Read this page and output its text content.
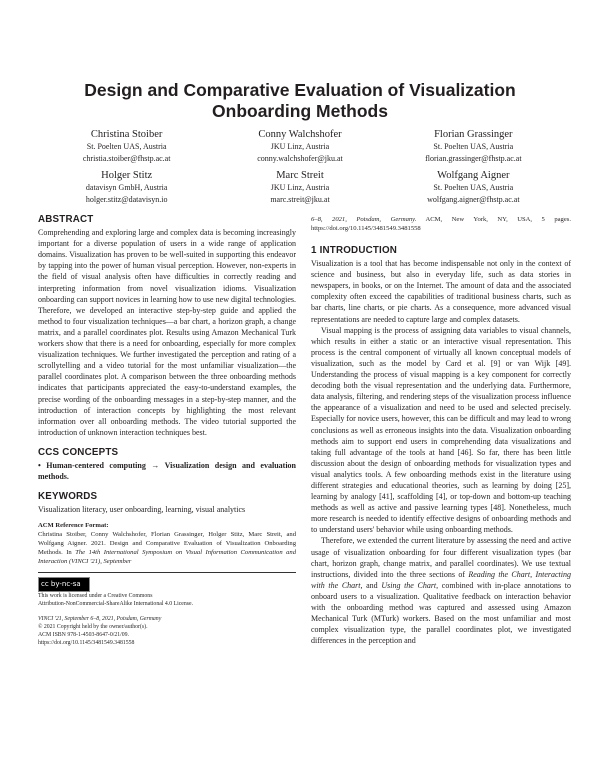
Design and Comparative Evaluation of Visualization
Onboarding Methods
Christina Stoiber
St. Poelten UAS, Austria
christia.stoiber@fhstp.ac.at
Conny Walchshofer
JKU Linz, Austria
conny.walchshofer@jku.at
Florian Grassinger
St. Poelten UAS, Austria
florian.grassinger@fhstp.ac.at
Holger Stitz
datavisyn GmbH, Austria
holger.stitz@datavisyn.io
Marc Streit
JKU Linz, Austria
marc.streit@jku.at
Wolfgang Aigner
St. Poelten UAS, Austria
wolfgang.aigner@fhstp.ac.at
ABSTRACT

Comprehending and exploring large and complex data is becoming increasingly important for a diverse population of users in a wide range of application domains. Visualization has proven to be well-suited in supporting this endeavor by tapping into the power of human visual perception. However, non-experts in the field of visual analysis often have difficulties in correctly reading and interpreting information from novel visualization idioms. Visualization onboarding can support novices in learning how to use new digital technologies. Therefore, we developed an interactive step-by-step guide and applied the method to four visualization techniques—a bar chart, a horizon graph, a change matrix, and a parallel coordinates plot. Results using Amazon Mechanical Turk workers show that there is a need for onboarding, especially for more complex visualization techniques. We further investigated the perception and rating of a scrollytelling and a video tutorial for the most unfamiliar visualization—the parallel coordinates plot. A comparison between the three onboarding methods indicates that participants appreciated the easy-to-understand examples, the precise wording of the onboarding messages in a step-by-step manner, and the introduction of interaction concepts by highlighting the most relevant information over all onboarding methods. The video tutorial supported the introduction of unknown interaction techniques best.

CCS CONCEPTS

• Human-centered computing → Visualization design and evaluation methods.

KEYWORDS

Visualization literacy, user onboarding, learning, visual analytics

ACM Reference Format:
Christina Stoiber, Conny Walchshofer, Florian Grassinger, Holger Stitz, Marc Streit, and Wolfgang Aigner. 2021. Design and Comparative Evaluation of Visualization Onboarding Methods. In The 14th International Symposium on Visual Information Communication and Interaction (VINCI '21), September
cc by-nc-sa
This work is licensed under a Creative Commons
Attribution-NonCommercial-ShareAlike International 4.0 License.
VINCI '21, September 6–8, 2021, Potsdam, Germany
© 2021 Copyright held by the owner/author(s).
ACM ISBN 978-1-4503-8647-0/21/09.
https://doi.org/10.1145/3481549.3481558

6–8, 2021, Potsdam, Germany. ACM, New York, NY, USA, 5 pages. https://doi.org/10.1145/3481549.3481558

1 INTRODUCTION

Visualization is a tool that has become indispensable not only in the context of science and business, but also in everyday life, such as data stories in newspapers, in books, or on the Internet. The amount of data and the associated complexity often exceed the capabilities of traditional business charts, such as bar charts, line charts, or pie charts. As a consequence, more advanced visual representations are needed to capture large and complex datasets.

Visual mapping is the process of assigning data variables to visual channels, which results in either a static or an interactive visual representation. This process is the central component of virtually all known conceptual models of visualization, such as the model by Card et al. [9] or van Wijk [49]. Understanding the process of visual mapping is a key component for correctly decoding both the visual representation and the underlying data. Furthermore, data analysis, filtering, and rendering steps of the visualization process influence the appearance of a visualization and need to be used and selected precisely. Especially for novice users, however, this can be difficult and may lead to wrong conclusions as well as erroneous insights into the data. Visualization onboarding methods aim to support end users in comprehending data visualizations and taking full advantage of the tools at hand [46]. So far, there has been little discussion about the design of onboarding methods for visualization types and visual analytics tools. A few onboarding methods exist in the literature using different strategies and educational theories, such as learning by doing [25], learning by analogy [41], scaffolding [4], or top-down and bottom-up teaching methods as well as active and passive learning types [48]. Nonetheless, much more research is needed to identify effective designs of onboarding methods and to understand users' behavior while using onboarding methods.

Therefore, we extended the current literature by assessing the need and active usage of visualization onboarding for four different visualization types (bar chart, horizon graph, change matrix, and parallel coordinates). We use textual instructions, divided into the three sections of Reading the Chart, Interacting with the Chart, and Using the Chart, combined with in-place annotations to onboard users to a visualization. Qualitative feedback on interaction behavior with the onboarding method was captured and assessed using Amazon Mechanical Turk (MTurk) workers. Based on the most unfamiliar and most complex visualization type, the parallel coordinates plot, we investigated differences in the perception and
